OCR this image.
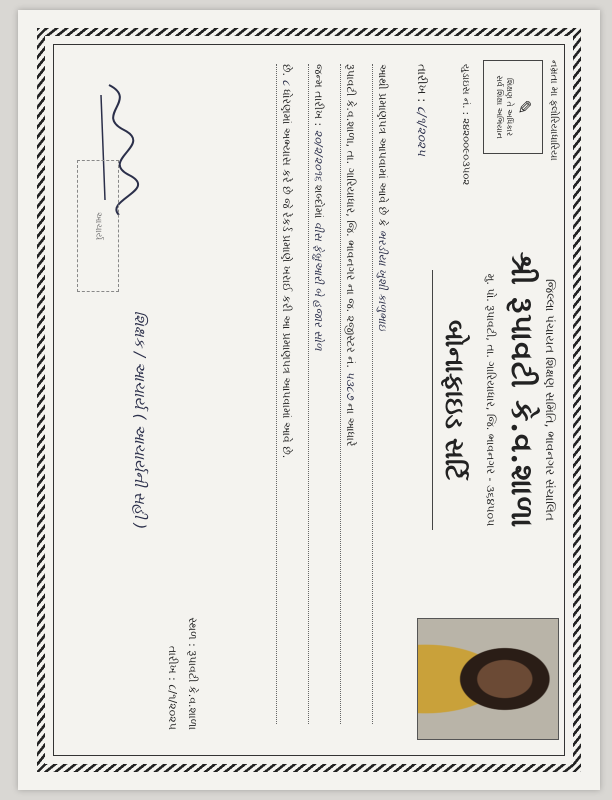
નમ્રતા મા ફ્લોરિયાધારિયા
✎
શિક્ષણ તે અધિકાર
સર્વ શિક્ષા અભિયાન
જિલ્લા પંચાયત શિક્ષણ સમિતિ, ભાવનગર સંચાલિત
શ્રી રૂપાવટી કે.વ.શાળા
મુ. પો. રૂપાવટી, તા. ગારિયાધાર, જિ. ભાવનગર - ૩૬૪૫૦૫
યુડાઇસ નં. : ૨૪૨૦૦૯૦૩૫૦૨
બોનાફાઇડ સર્ટિ
તારીખ : ૮/૧/૨૦૨૫
આથી પ્રમાણપત્ર આપવામાં આવે છે કે ભરડીયા ખુશી કાળુભાઇ
રૂપાવટી કે.વ.શાળા, તા. ગારિયાધાર, જિ. ભાવનગર ના જ. ૨જીસ્ટર નં. ૫૩૮૭ ના આધારે
જન્મ તારીખ : ૨૦/૨/૨૦૧૬ શબ્દોમાં વીસ ફેબ્રુઆરી બે હજાર સોળ
છે. ૮ ધોરણમાં અભ્યાસ કરે છે જે રેકર્ડ પ્રમાણે ખરાઈ કરી આ પ્રમાણપત્ર આપવામાં આવે છે.
સ્થળ : રૂપાવટી કે.વ.શાળા
તારીખ : ૮/૧/૨૦૨૫
શિક્ષક / આચાર્ય ( આચાર્યની સહી )
આચાર્ય
